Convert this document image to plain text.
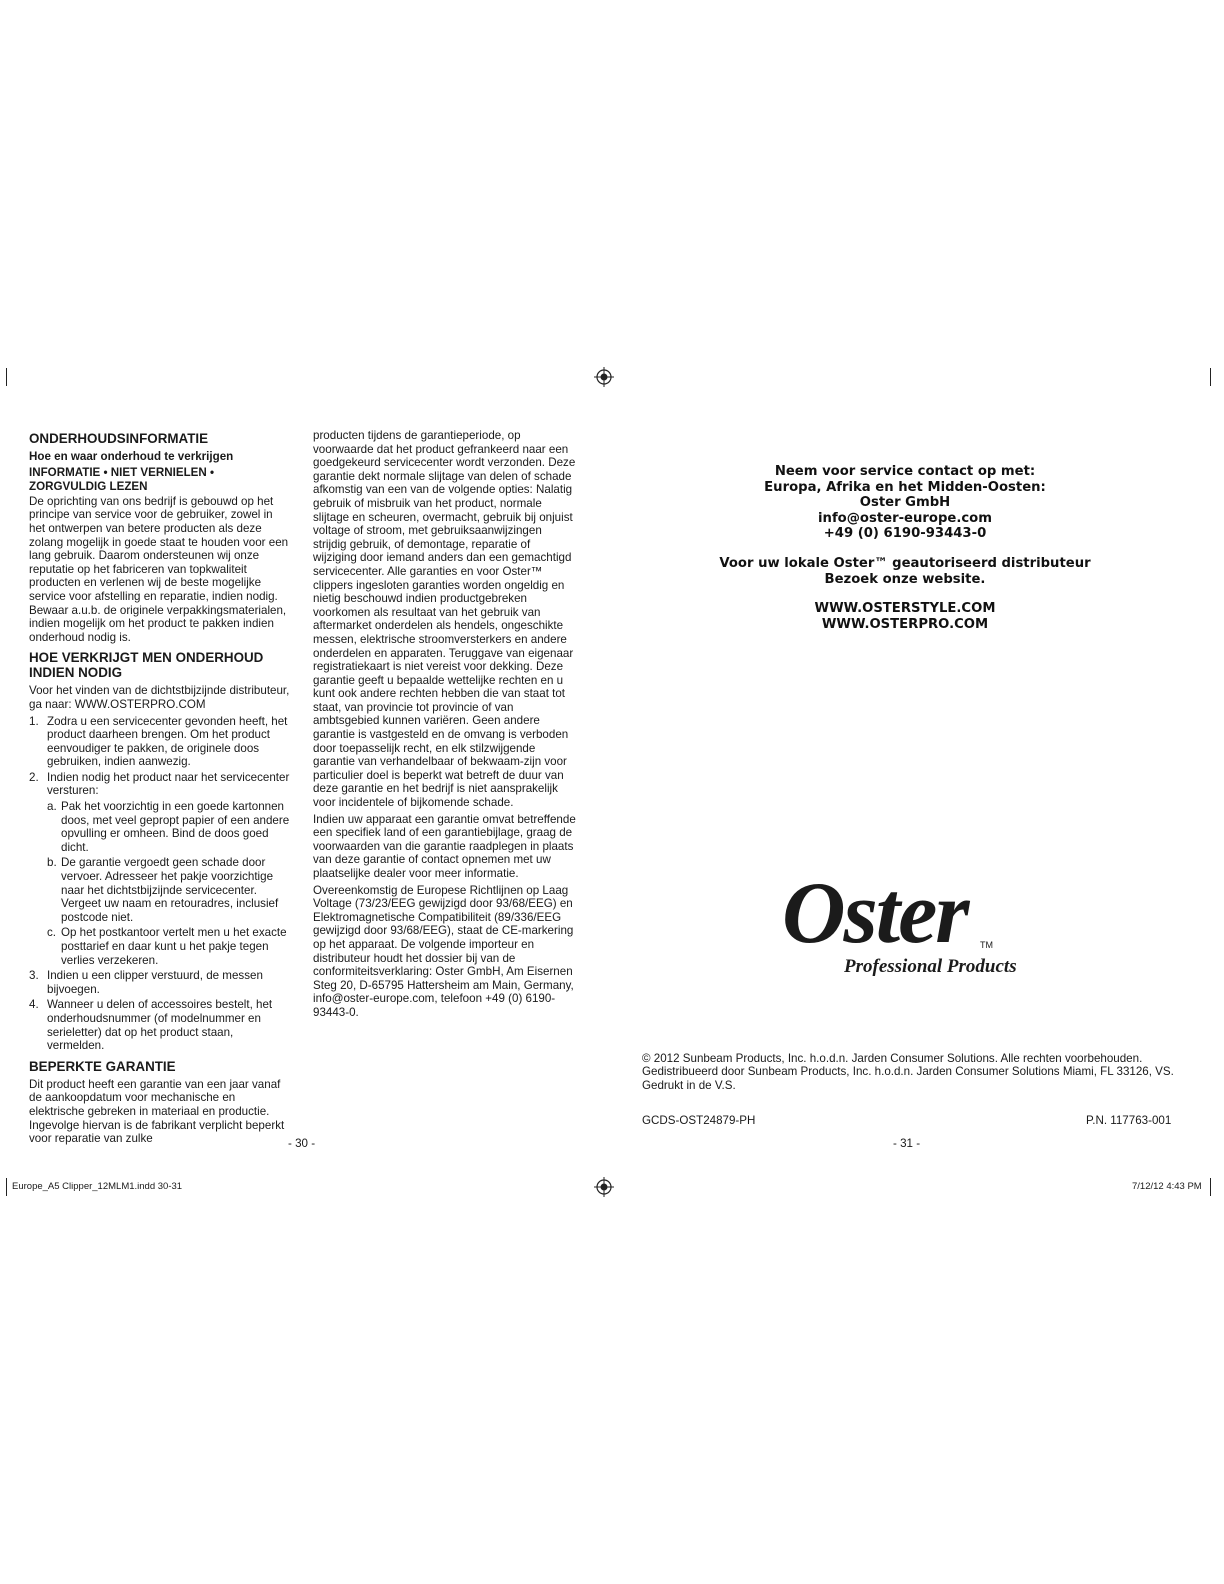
ONDERHOUDSINFORMATIE
Hoe en waar onderhoud te verkrijgen
INFORMATIE • NIET VERNIELEN •
ZORGVULDIG LEZEN

De oprichting van ons bedrijf is gebouwd op het principe van service voor de gebruiker, zowel in het ontwerpen van betere producten als deze zolang mogelijk in goede staat te houden voor een lang gebruik. Daarom ondersteunen wij onze reputatie op het fabriceren van topkwaliteit producten en verlenen wij de beste mogelijke service voor afstelling en reparatie, indien nodig. Bewaar a.u.b. de originele verpakkingsmaterialen, indien mogelijk om het product te pakken indien onderhoud nodig is.

HOE VERKRIJGT MEN ONDERHOUD INDIEN NODIG

Voor het vinden van de dichtstbijzijnde distributeur, ga naar: WWW.OSTERPRO.COM

1. Zodra u een servicecenter gevonden heeft, het product daarheen brengen. Om het product eenvoudiger te pakken, de originele doos gebruiken, indien aanwezig.
2. Indien nodig het product naar het servicecenter versturen:
a. Pak het voorzichtig in een goede kartonnen doos, met veel gepropt papier of een andere opvulling er omheen. Bind de doos goed dicht.
b. De garantie vergoedt geen schade door vervoer. Adresseer het pakje voorzichtige naar het dichtstbijzijnde servicecenter. Vergeet uw naam en retouradres, inclusief postcode niet.
c. Op het postkantoor vertelt men u het exacte posttarief en daar kunt u het pakje tegen verlies verzekeren.
3. Indien u een clipper verstuurd, de messen bijvoegen.
4. Wanneer u delen of accessoires bestelt, het onderhoudsnummer (of modelnummer en serieletter) dat op het product staan, vermelden.
BEPERKTE GARANTIE

Dit product heeft een garantie van een jaar vanaf de aankoopdatum voor mechanische en elektrische gebreken in materiaal en productie. Ingevolge hiervan is de fabrikant verplicht beperkt voor reparatie van zulke

producten tijdens de garantieperiode, op voorwaarde dat het product gefrankeerd naar een goedgekeurd servicecenter wordt verzonden. Deze garantie dekt normale slijtage van delen of schade afkomstig van een van de volgende opties: Nalatig gebruik of misbruik van het product, normale slijtage en scheuren, overmacht, gebruik bij onjuist voltage of stroom, met gebruiksaanwijzingen strijdig gebruik, of demontage, reparatie of wijziging door iemand anders dan een gemachtigd servicecenter. Alle garanties en voor Oster™ clippers ingesloten garanties worden ongeldig en nietig beschouwd indien productgebreken voorkomen als resultaat van het gebruik van aftermarket onderdelen als hendels, ongeschikte messen, elektrische stroomversterkers en andere onderdelen en apparaten. Teruggave van eigenaar registratiekaart is niet vereist voor dekking. Deze garantie geeft u bepaalde wettelijke rechten en u kunt ook andere rechten hebben die van staat tot staat, van provincie tot provincie of van ambtsgebied kunnen variëren. Geen andere garantie is vastgesteld en de omvang is verboden door toepasselijk recht, en elk stilzwijgende garantie van verhandelbaar of bekwaam-zijn voor particulier doel is beperkt wat betreft de duur van deze garantie en het bedrijf is niet aansprakelijk voor incidentele of bijkomende schade.

Indien uw apparaat een garantie omvat betreffende een specifiek land of een garantiebijlage, graag de voorwaarden van die garantie raadplegen in plaats van deze garantie of contact opnemen met uw plaatselijke dealer voor meer informatie.

Overeenkomstig de Europese Richtlijnen op Laag Voltage (73/23/EEG gewijzigd door 93/68/EEG) en Elektromagnetische Compatibiliteit (89/336/EEG gewijzigd door 93/68/EEG), staat de CE-markering op het apparaat. De volgende importeur en distributeur houdt het dossier bij van de conformiteitsverklaring: Oster GmbH, Am Eisernen Steg 20, D-65795 Hattersheim am Main, Germany, info@oster-europe.com, telefoon +49 (0) 6190-93443-0.

- 30 -
Neem voor service contact op met:
Europa, Afrika en het Midden-Oosten:
Oster GmbH
info@oster-europe.com
+49 (0) 6190-93443-0
Voor uw lokale Oster™ geautoriseerd distributeur
Bezoek onze website.
WWW.OSTERSTYLE.COM
WWW.OSTERPRO.COM
Oster TM
Professional Products
© 2012 Sunbeam Products, Inc. h.o.d.n. Jarden Consumer Solutions. Alle rechten voorbehouden. Gedistribueerd door Sunbeam Products, Inc. h.o.d.n. Jarden Consumer Solutions Miami, FL 33126, VS. Gedrukt in de V.S.
GCDS-OST24879-PH	P.N. 117763-001
- 31 -
Europe_A5 Clipper_12MLM1.indd 30-31	7/12/12 4:43 PM
